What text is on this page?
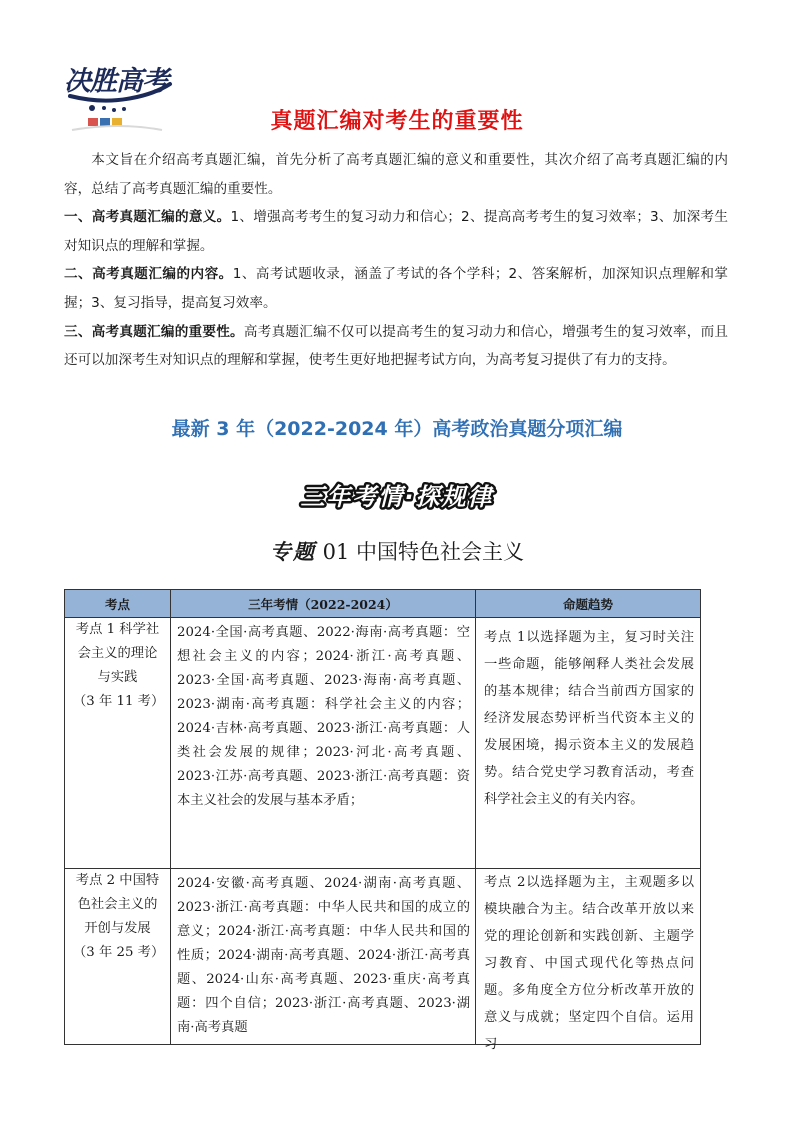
决胜高考
真题汇编对考生的重要性

本文旨在介绍高考真题汇编，首先分析了高考真题汇编的意义和重要性，其次介绍了高考真题汇编的内容，总结了高考真题汇编的重要性。

一、高考真题汇编的意义。1、增强高考考生的复习动力和信心；2、提高高考考生的复习效率；3、加深考生对知识点的理解和掌握。

二、高考真题汇编的内容。1、高考试题收录，涵盖了考试的各个学科；2、答案解析，加深知识点理解和掌握；3、复习指导，提高复习效率。

三、高考真题汇编的重要性。高考真题汇编不仅可以提高考生的复习动力和信心，增强考生的复习效率，而且还可以加深考生对知识点的理解和掌握，使考生更好地把握考试方向，为高考复习提供了有力的支持。

最新 3 年（2022-2024 年）高考政治真题分项汇编
三年考情·探规律
专题 01 中国特色社会主义
考点	三年考情（2022-2024）	命题趋势

考点 1 科学社会主义的理论与实践
（3 年 11 考）	2024·全国·高考真题、2022·海南·高考真题：空想社会主义的内容；2024·浙江·高考真题、2023·全国·高考真题、2023·海南·高考真题、2023·湖南·高考真题：科学社会主义的内容；2024·吉林·高考真题、2023·浙江·高考真题：人类社会发展的规律；2023·河北·高考真题、2023·江苏·高考真题、2023·浙江·高考真题：资本主义社会的发展与基本矛盾；	考点 1以选择题为主，复习时关注一些命题，能够阐释人类社会发展的基本规律；结合当前西方国家的经济发展态势评析当代资本主义的发展困境，揭示资本主义的发展趋势。结合党史学习教育活动，考查科学社会主义的有关内容。

考点 2 中国特色社会主义的开创与发展
（3 年 25 考）	2024·安徽·高考真题、2024·湖南·高考真题、2023·浙江·高考真题：中华人民共和国的成立的意义；2024·浙江·高考真题：中华人民共和国的性质；2024·湖南·高考真题、2024·浙江·高考真题、2024·山东·高考真题、2023·重庆·高考真题：四个自信；2023·浙江·高考真题、2023·湖南·高考真题	考点 2以选择题为主，主观题多以模块融合为主。结合改革开放以来党的理论创新和实践创新、主题学习教育、中国式现代化等热点问题。多角度全方位分析改革开放的意义与成就；坚定四个自信。运用习
